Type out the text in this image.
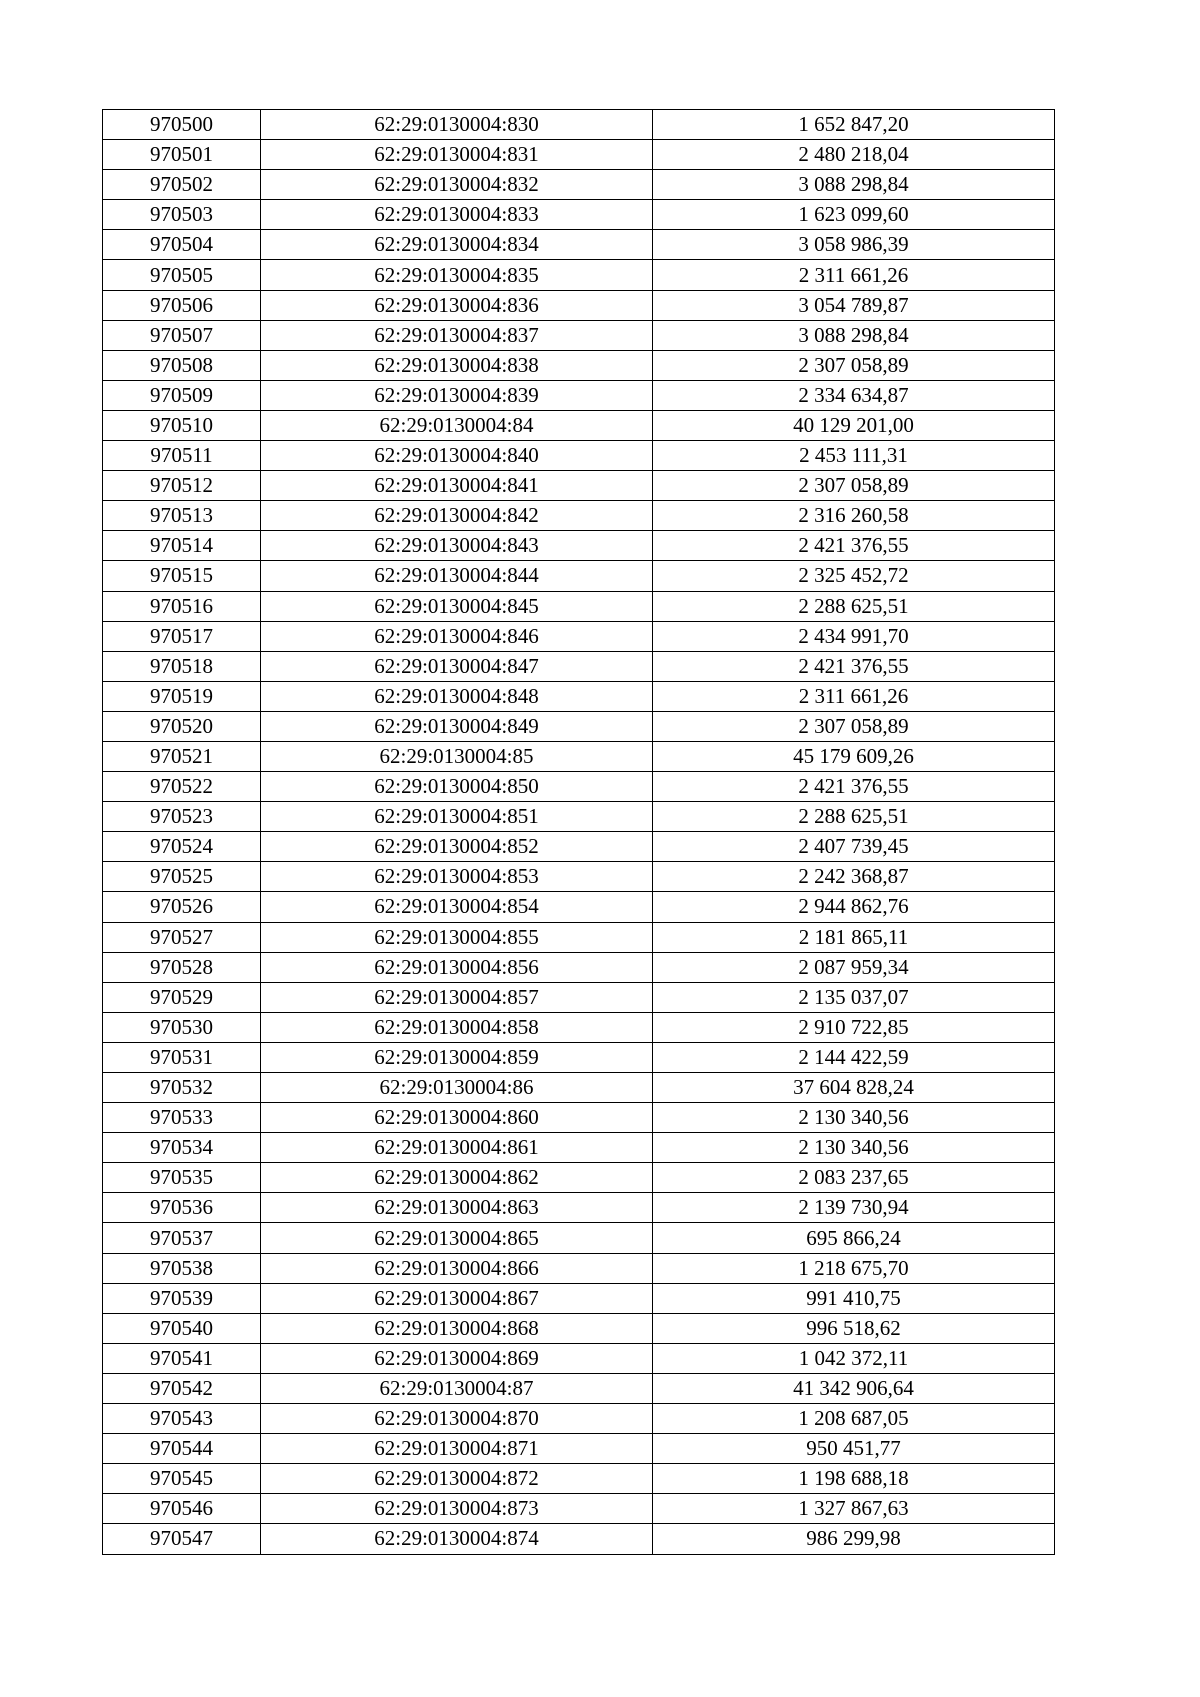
970500	62:29:0130004:830	1 652 847,20
970501	62:29:0130004:831	2 480 218,04
970502	62:29:0130004:832	3 088 298,84
970503	62:29:0130004:833	1 623 099,60
970504	62:29:0130004:834	3 058 986,39
970505	62:29:0130004:835	2 311 661,26
970506	62:29:0130004:836	3 054 789,87
970507	62:29:0130004:837	3 088 298,84
970508	62:29:0130004:838	2 307 058,89
970509	62:29:0130004:839	2 334 634,87
970510	62:29:0130004:84	40 129 201,00
970511	62:29:0130004:840	2 453 111,31
970512	62:29:0130004:841	2 307 058,89
970513	62:29:0130004:842	2 316 260,58
970514	62:29:0130004:843	2 421 376,55
970515	62:29:0130004:844	2 325 452,72
970516	62:29:0130004:845	2 288 625,51
970517	62:29:0130004:846	2 434 991,70
970518	62:29:0130004:847	2 421 376,55
970519	62:29:0130004:848	2 311 661,26
970520	62:29:0130004:849	2 307 058,89
970521	62:29:0130004:85	45 179 609,26
970522	62:29:0130004:850	2 421 376,55
970523	62:29:0130004:851	2 288 625,51
970524	62:29:0130004:852	2 407 739,45
970525	62:29:0130004:853	2 242 368,87
970526	62:29:0130004:854	2 944 862,76
970527	62:29:0130004:855	2 181 865,11
970528	62:29:0130004:856	2 087 959,34
970529	62:29:0130004:857	2 135 037,07
970530	62:29:0130004:858	2 910 722,85
970531	62:29:0130004:859	2 144 422,59
970532	62:29:0130004:86	37 604 828,24
970533	62:29:0130004:860	2 130 340,56
970534	62:29:0130004:861	2 130 340,56
970535	62:29:0130004:862	2 083 237,65
970536	62:29:0130004:863	2 139 730,94
970537	62:29:0130004:865	695 866,24
970538	62:29:0130004:866	1 218 675,70
970539	62:29:0130004:867	991 410,75
970540	62:29:0130004:868	996 518,62
970541	62:29:0130004:869	1 042 372,11
970542	62:29:0130004:87	41 342 906,64
970543	62:29:0130004:870	1 208 687,05
970544	62:29:0130004:871	950 451,77
970545	62:29:0130004:872	1 198 688,18
970546	62:29:0130004:873	1 327 867,63
970547	62:29:0130004:874	986 299,98
